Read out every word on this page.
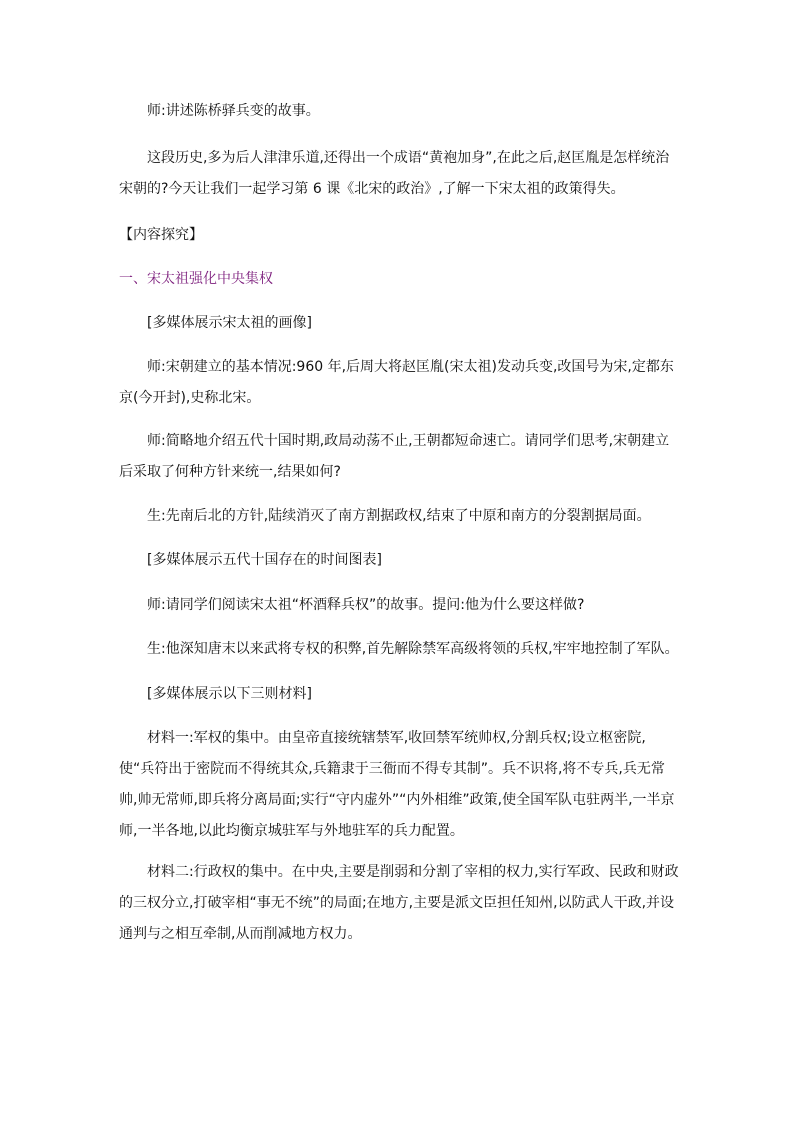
师:讲述陈桥驿兵变的故事。

这段历史,多为后人津津乐道,还得出一个成语“黄袍加身”,在此之后,赵匡胤是怎样统治宋朝的?今天让我们一起学习第 6 课《北宋的政治》,了解一下宋太祖的政策得失。

【内容探究】

一、宋太祖强化中央集权

[多媒体展示宋太祖的画像]

师:宋朝建立的基本情况:960 年,后周大将赵匡胤(宋太祖)发动兵变,改国号为宋,定都东京(今开封),史称北宋。

师:简略地介绍五代十国时期,政局动荡不止,王朝都短命速亡。请同学们思考,宋朝建立后采取了何种方针来统一,结果如何?

生:先南后北的方针,陆续消灭了南方割据政权,结束了中原和南方的分裂割据局面。

[多媒体展示五代十国存在的时间图表]

师:请同学们阅读宋太祖“杯酒释兵权”的故事。提问:他为什么要这样做?

生:他深知唐末以来武将专权的积弊,首先解除禁军高级将领的兵权,牢牢地控制了军队。

[多媒体展示以下三则材料]

材料一:军权的集中。由皇帝直接统辖禁军,收回禁军统帅权,分割兵权;设立枢密院,使“兵符出于密院而不得统其众,兵籍隶于三衙而不得专其制”。兵不识将,将不专兵,兵无常帅,帅无常师,即兵将分离局面;实行“守内虚外”“内外相维”政策,使全国军队屯驻两半,一半京师,一半各地,以此均衡京城驻军与外地驻军的兵力配置。

材料二:行政权的集中。在中央,主要是削弱和分割了宰相的权力,实行军政、民政和财政的三权分立,打破宰相“事无不统”的局面;在地方,主要是派文臣担任知州,以防武人干政,并设通判与之相互牵制,从而削减地方权力。
